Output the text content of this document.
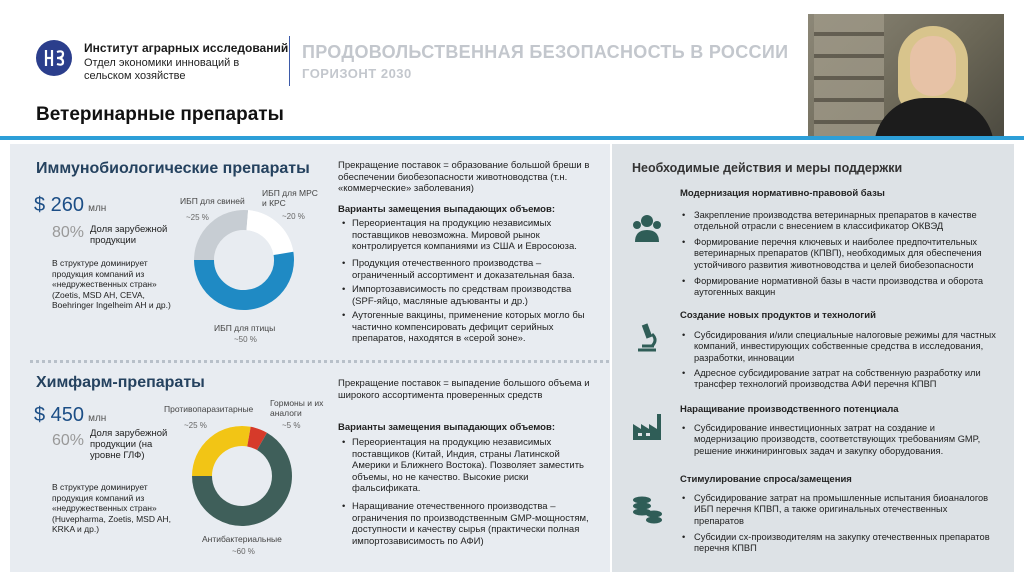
Институт аграрных исследований
Отдел экономики инноваций в сельском хозяйстве
ПРОДОВОЛЬСТВЕННАЯ БЕЗОПАСНОСТЬ В РОССИИ
ГОРИЗОНТ 2030
Ветеринарные препараты
Иммунобиологические препараты
$ 260 млн
80% Доля зарубежной продукции
В структуре доминирует продукция компаний из «недружественных стран» (Zoetis, MSD AH, CEVA, Boehringer Ingelheim AH и др.)
ИБП для свиней
ИБП для МРС и КРС
~25 %	~20 %
ИБП для птицы
~50 %
Прекращение поставок = образование большой бреши в обеспечении биобезопасности животноводства (т.н. «коммерческие» заболевания)
Варианты замещения выпадающих объемов:
• Переориентация на продукцию независимых поставщиков невозможна. Мировой рынок контролируется компаниями из США и Евросоюза.
• Продукция отечественного производства – ограниченный ассортимент и доказательная база.
• Импортозависимость по средствам производства (SPF-яйцо, масляные адъюванты и др.)
• Аутогенные вакцины, применение которых могло бы частично компенсировать дефицит серийных препаратов, находятся в «серой зоне».
Химфарм-препараты
$ 450 млн
60% Доля зарубежной продукции (на уровне ГЛФ)
В структуре доминирует продукция компаний из «недружественных стран» (Huvepharma, Zoetis, MSD AH, KRKA и др.)
Противопаразитарные
Гормоны и их аналоги
~25 %	~5 %
Антибактериальные
~60 %
Прекращение поставок = выпадение большого объема и широкого ассортимента проверенных средств
Варианты замещения выпадающих объемов:
• Переориентация на продукцию независимых поставщиков (Китай, Индия, страны Латинской Америки и Ближнего Востока). Позволяет заместить объемы, но не качество. Высокие риски фальсификата.
• Наращивание отечественного производства – ограничения по производственным GMP-мощностям, доступности и качеству сырья (практически полная импортозависимость по АФИ)
Необходимые действия и меры поддержки
Модернизация нормативно-правовой базы
• Закрепление производства ветеринарных препаратов в качестве отдельной отрасли с внесением в классификатор ОКВЭД
• Формирование перечня ключевых и наиболее предпочтительных ветеринарных препаратов (КПВП), необходимых для обеспечения устойчивого развития животноводства и целей биобезопасности
• Формирование нормативной базы в части производства и оборота аутогенных вакцин
Создание новых продуктов и технологий
• Субсидирования и/или специальные налоговые режимы для частных компаний, инвестирующих собственные средства в исследования, разработки, инновации
• Адресное субсидирование затрат на собственную разработку или трансфер технологий производства АФИ перечня КПВП
Наращивание производственного потенциала
• Субсидирование инвестиционных затрат на создание и модернизацию производств, соответствующих требованиям GMP, решение инжиниринговых задач и закупку оборудования.
Стимулирование спроса/замещения
• Субсидирование затрат на промышленные испытания биоаналогов ИБП перечня КПВП, а также оригинальных отечественных препаратов
• Субсидии сх-производителям на закупку отечественных препаратов перечня КПВП
